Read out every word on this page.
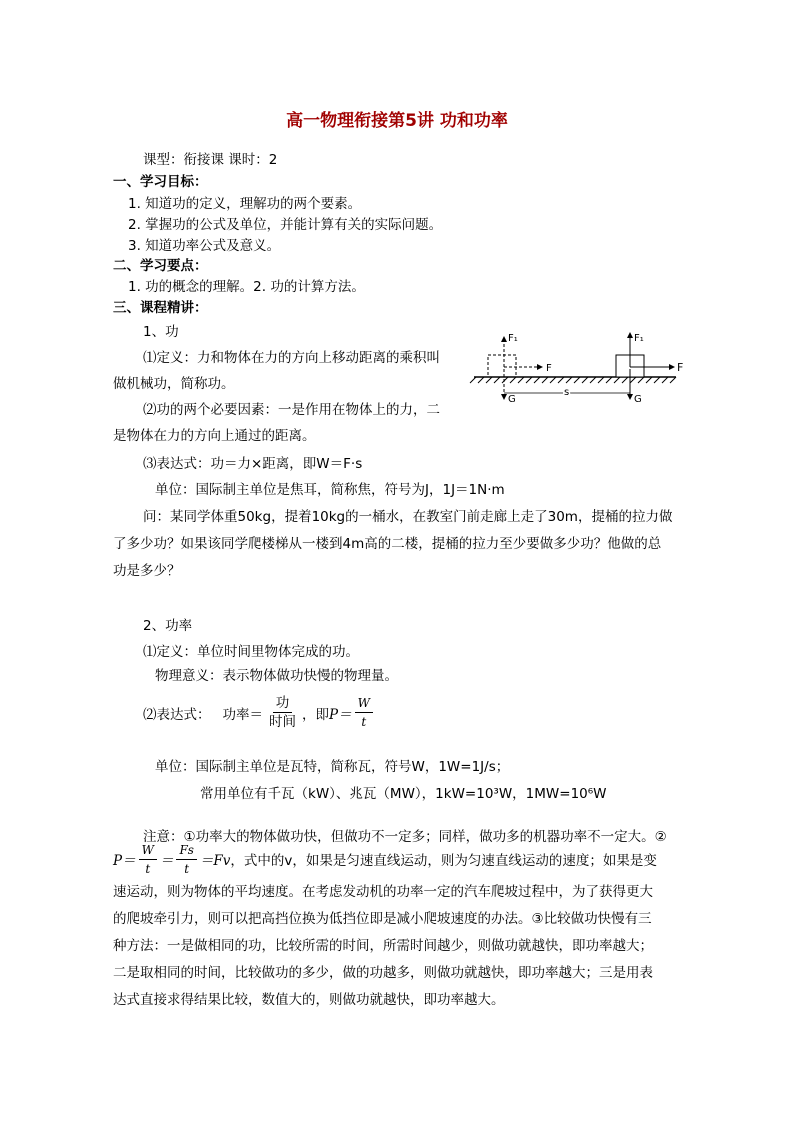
高一物理衔接第5讲 功和功率
课型：衔接课 课时：2
一、学习目标：
1. 知道功的定义，理解功的两个要素。
2. 掌握功的公式及单位，并能计算有关的实际问题。
3. 知道功率公式及意义。
二、学习要点：
1. 功的概念的理解。2. 功的计算方法。
三、课程精讲：
1、功
⑴定义：力和物体在力的方向上移动距离的乘积叫
做机械功，简称功。
⑵功的两个必要因素：一是作用在物体上的力，二
是物体在力的方向上通过的距离。
⑶表达式：功＝力×距离，即W＝F·s
单位：国际制主单位是焦耳，简称焦，符号为J，1J＝1N·m
问：某同学体重50kg，提着10kg的一桶水，在教室门前走廊上走了30m，提桶的拉力做
了多少功？如果该同学爬楼梯从一楼到4m高的二楼，提桶的拉力至少要做多少功？他做的总
功是多少？
F₁
F
G
F₁
F
G
s
2、功率
⑴定义：单位时间里物体完成的功。
物理意义：表示物体做功快慢的物理量。
⑵表达式： 功率＝ $\frac{\text{功}}{\text{时间}}$ ，即 $P= \frac{W}{t}$
单位：国际制主单位是瓦特，简称瓦，符号W，1W=1J/s；
常用单位有千瓦（kW）、兆瓦（MW），1kW=10³W，1MW=10⁶W
注意：①功率大的物体做功快，但做功不一定多；同样，做功多的机器功率不一定大。②
$P= \frac{W}{t} = \frac{Fs}{t} =Fv$ ，式中的v，如果是匀速直线运动，则为匀速直线运动的速度；如果是变
速运动，则为物体的平均速度。在考虑发动机的功率一定的汽车爬坡过程中，为了获得更大
的爬坡牵引力，则可以把高挡位换为低挡位即是减小爬坡速度的办法。③比较做功快慢有三
种方法：一是做相同的功，比较所需的时间，所需时间越少，则做功就越快，即功率越大；
二是取相同的时间，比较做功的多少，做的功越多，则做功就越快，即功率越大；三是用表
达式直接求得结果比较，数值大的，则做功就越快，即功率越大。
